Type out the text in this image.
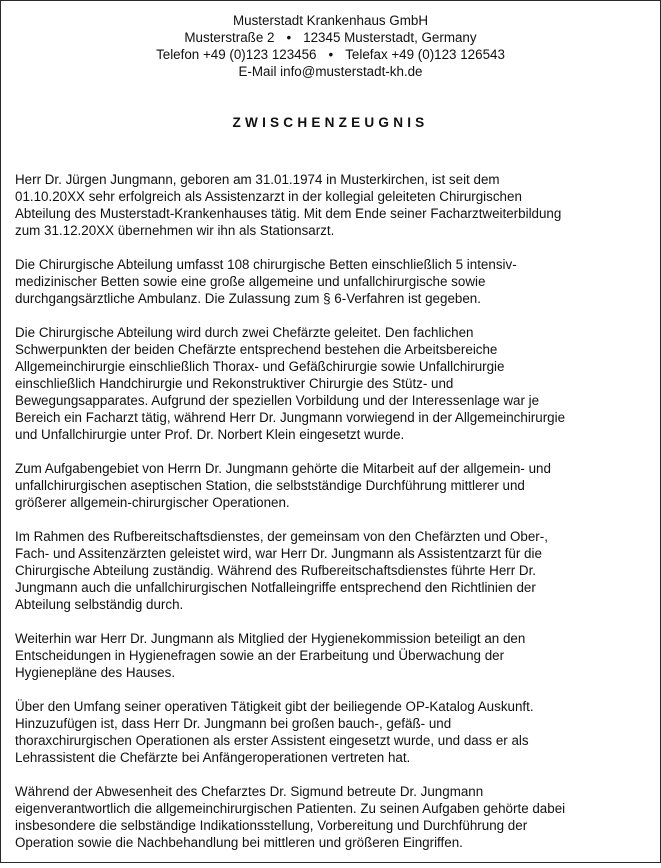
Musterstadt Krankenhaus GmbH
Musterstraße 2 • 12345 Musterstadt, Germany
Telefon +49 (0)123 123456 • Telefax +49 (0)123 126543
E-Mail info@musterstadt-kh.de
ZWISCHENZEUGNIS
Herr Dr. Jürgen Jungmann, geboren am 31.01.1974 in Musterkirchen, ist seit dem
01.10.20XX sehr erfolgreich als Assistenzarzt in der kollegial geleiteten Chirurgischen
Abteilung des Musterstadt-Krankenhauses tätig. Mit dem Ende seiner Facharztweiterbildung
zum 31.12.20XX übernehmen wir ihn als Stationsarzt.
Die Chirurgische Abteilung umfasst 108 chirurgische Betten einschließlich 5 intensiv-
medizinischer Betten sowie eine große allgemeine und unfallchirurgische sowie
durchgangsärztliche Ambulanz. Die Zulassung zum § 6-Verfahren ist gegeben.
Die Chirurgische Abteilung wird durch zwei Chefärzte geleitet. Den fachlichen
Schwerpunkten der beiden Chefärzte entsprechend bestehen die Arbeitsbereiche
Allgemeinchirurgie einschließlich Thorax- und Gefäßchirurgie sowie Unfallchirurgie
einschließlich Handchirurgie und Rekonstruktiver Chirurgie des Stütz- und
Bewegungsapparates. Aufgrund der speziellen Vorbildung und der Interessenlage war je
Bereich ein Facharzt tätig, während Herr Dr. Jungmann vorwiegend in der Allgemeinchirurgie
und Unfallchirurgie unter Prof. Dr. Norbert Klein eingesetzt wurde.
Zum Aufgabengebiet von Herrn Dr. Jungmann gehörte die Mitarbeit auf der allgemein- und
unfallchirurgischen aseptischen Station, die selbstständige Durchführung mittlerer und
größerer allgemein-chirurgischer Operationen.
Im Rahmen des Rufbereitschaftsdienstes, der gemeinsam von den Chefärzten und Ober-,
Fach- und Assitenzärzten geleistet wird, war Herr Dr. Jungmann als Assistentzarzt für die
Chirurgische Abteilung zuständig. Während des Rufbereitschaftsdienstes führte Herr Dr.
Jungmann auch die unfallchirurgischen Notfalleingriffe entsprechend den Richtlinien der
Abteilung selbständig durch.
Weiterhin war Herr Dr. Jungmann als Mitglied der Hygienekommission beteiligt an den
Entscheidungen in Hygienefragen sowie an der Erarbeitung und Überwachung der
Hygienepläne des Hauses.
Über den Umfang seiner operativen Tätigkeit gibt der beiliegende OP-Katalog Auskunft.
Hinzuzufügen ist, dass Herr Dr. Jungmann bei großen bauch-, gefäß- und
thoraxchirurgischen Operationen als erster Assistent eingesetzt wurde, und dass er als
Lehrassistent die Chefärzte bei Anfängeroperationen vertreten hat.
Während der Abwesenheit des Chefarztes Dr. Sigmund betreute Dr. Jungmann
eigenverantwortlich die allgemeinchirurgischen Patienten. Zu seinen Aufgaben gehörte dabei
insbesondere die selbständige Indikationsstellung, Vorbereitung und Durchführung der
Operation sowie die Nachbehandlung bei mittleren und größeren Eingriffen.
